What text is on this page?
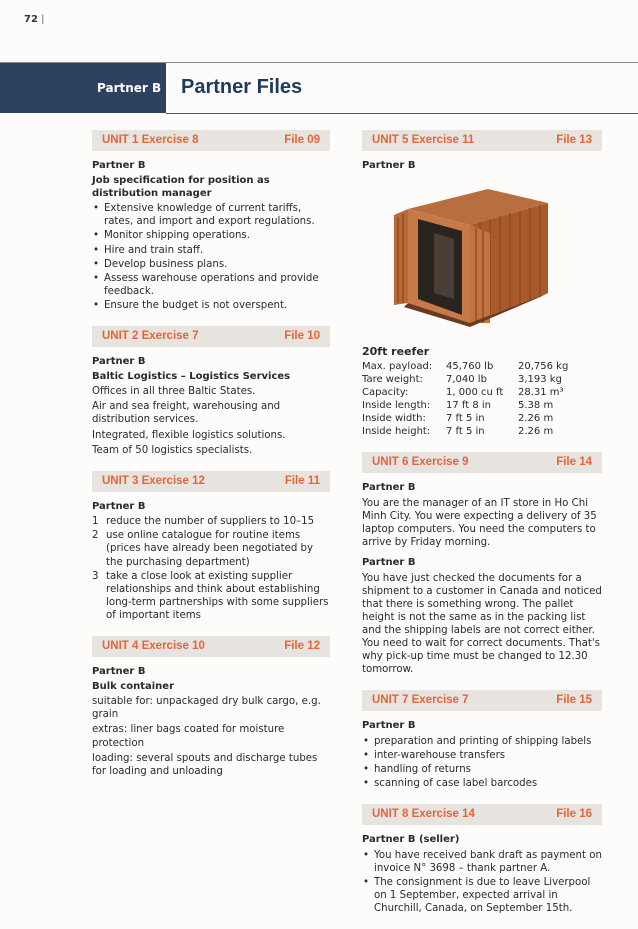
72 |
Partner B Partner Files
UNIT 1 Exercise 8	File 09
Partner B
Job specification for position as distribution manager
• Extensive knowledge of current tariffs, rates, and import and export regulations.
• Monitor shipping operations.
• Hire and train staff.
• Develop business plans.
• Assess warehouse operations and provide feedback.
• Ensure the budget is not overspent.
UNIT 2 Exercise 7	File 10
Partner B
Baltic Logistics – Logistics Services
Offices in all three Baltic States.
Air and sea freight, warehousing and distribution services.
Integrated, flexible logistics solutions.
Team of 50 logistics specialists.
UNIT 3 Exercise 12	File 11
Partner B
1 reduce the number of suppliers to 10–15
2 use online catalogue for routine items (prices have already been negotiated by the purchasing department)
3 take a close look at existing supplier relationships and think about establishing long-term partnerships with some suppliers of important items
UNIT 4 Exercise 10	File 12
Partner B
Bulk container
suitable for: unpackaged dry bulk cargo, e.g. grain
extras: liner bags coated for moisture protection
loading: several spouts and discharge tubes for loading and unloading
UNIT 5 Exercise 11	File 13
Partner B
20ft reefer
Max. payload:	45,760 lb	20,756 kg
Tare weight:	7,040 lb	3,193 kg
Capacity:	1, 000 cu ft	28.31 m³
Inside length:	17 ft 8 in	5.38 m
Inside width:	7 ft 5 in	2.26 m
Inside height:	7 ft 5 in	2.26 m
UNIT 6 Exercise 9	File 14
Partner B
You are the manager of an IT store in Ho Chi Minh City. You were expecting a delivery of 35 laptop computers. You need the computers to arrive by Friday morning.
Partner B
You have just checked the documents for a shipment to a customer in Canada and noticed that there is something wrong. The pallet height is not the same as in the packing list and the shipping labels are not correct either. You need to wait for correct documents. That's why pick-up time must be changed to 12.30 tomorrow.
UNIT 7 Exercise 7	File 15
Partner B
• preparation and printing of shipping labels
• inter-warehouse transfers
• handling of returns
• scanning of case label barcodes
UNIT 8 Exercise 14	File 16
Partner B (seller)
• You have received bank draft as payment on invoice N° 3698 – thank partner A.
• The consignment is due to leave Liverpool on 1 September, expected arrival in Churchill, Canada, on September 15th.
